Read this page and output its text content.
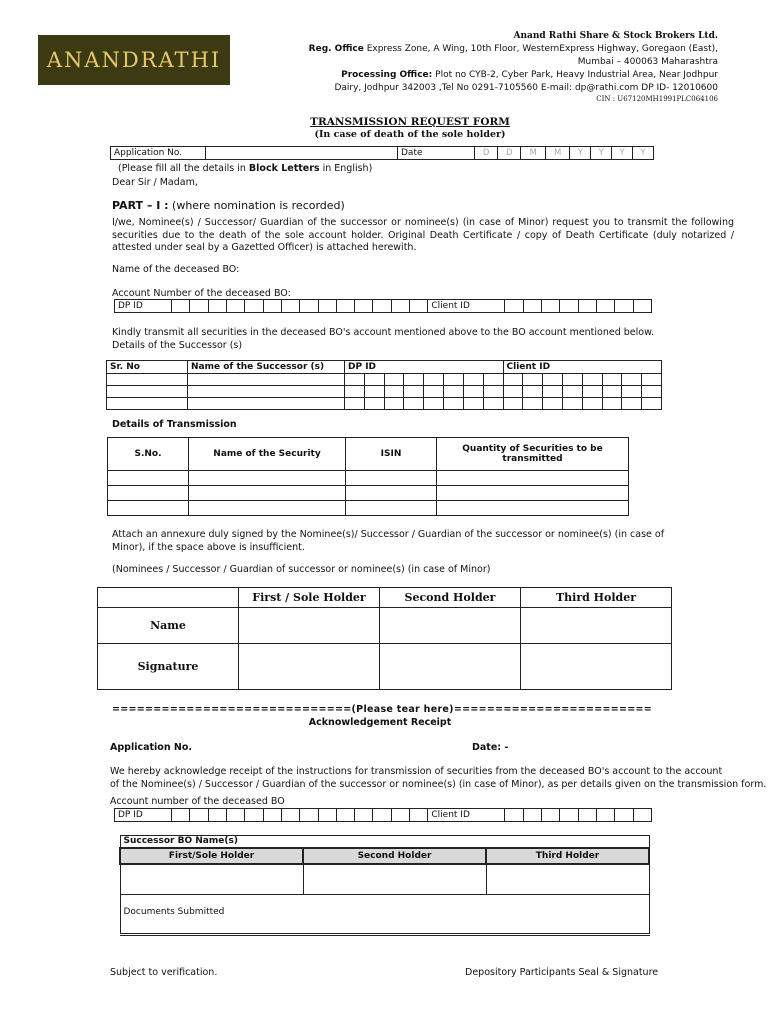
ANANDRATHI
Anand Rathi Share & Stock Brokers Ltd.
Reg. Office Express Zone, A Wing, 10th Floor, WesternExpress Highway, Goregaon (East),
Mumbai – 400063 Maharashtra
Processing Office: Plot no CYB-2, Cyber Park, Heavy Industrial Area, Near Jodhpur
Dairy, Jodhpur 342003 ,Tel No 0291-7105560 E-mail: dp@rathi.com DP ID- 12010600
CIN : U67120MH1991PLC064106
TRANSMISSION REQUEST FORM
(In case of death of the sole holder)
Application No.		Date	D	D	M	M	Y	Y	Y	Y
(Please fill all the details in Block Letters in English)
Dear Sir / Madam,
PART – I : (where nomination is recorded)
I/we, Nominee(s) / Successor/ Guardian of the successor or nominee(s) (in case of Minor) request you to transmit the following securities due to the death of the sole account holder. Original Death Certificate / copy of Death Certificate (duly notarized / attested under seal by a Gazetted Officer) is attached herewith.
Name of the deceased BO:
Account Number of the deceased BO:
DP ID															Client ID								
Kindly transmit all securities in the deceased BO's account mentioned above to the BO account mentioned below. Details of the Successor (s)
Sr. No	Name of the Successor (s)	DP ID								Client ID							

Details of Transmission
S.No.	Name of the Security	ISIN	Quantity of Securities to be transmitted

Attach an annexure duly signed by the Nominee(s)/ Successor / Guardian of the successor or nominee(s) (in case of Minor), if the space above is insufficient.
(Nominees / Successor / Guardian of successor or nominee(s) (in case of Minor)
	First / Sole Holder	Second Holder	Third Holder
Name			
Signature			
=============================(Please tear here)========================
Acknowledgement Receipt
Application No.	Date: -
We hereby acknowledge receipt of the instructions for transmission of securities from the deceased BO's account to the account
of the Nominee(s) / Successor / Guardian of the successor or nominee(s) (in case of Minor), as per details given on the transmission form.
Account number of the deceased BO
DP ID															Client ID								
Successor BO Name(s)		
First/Sole Holder	Second Holder	Third Holder

Documents Submitted		
Subject to verification.	Depository Participants Seal & Signature
